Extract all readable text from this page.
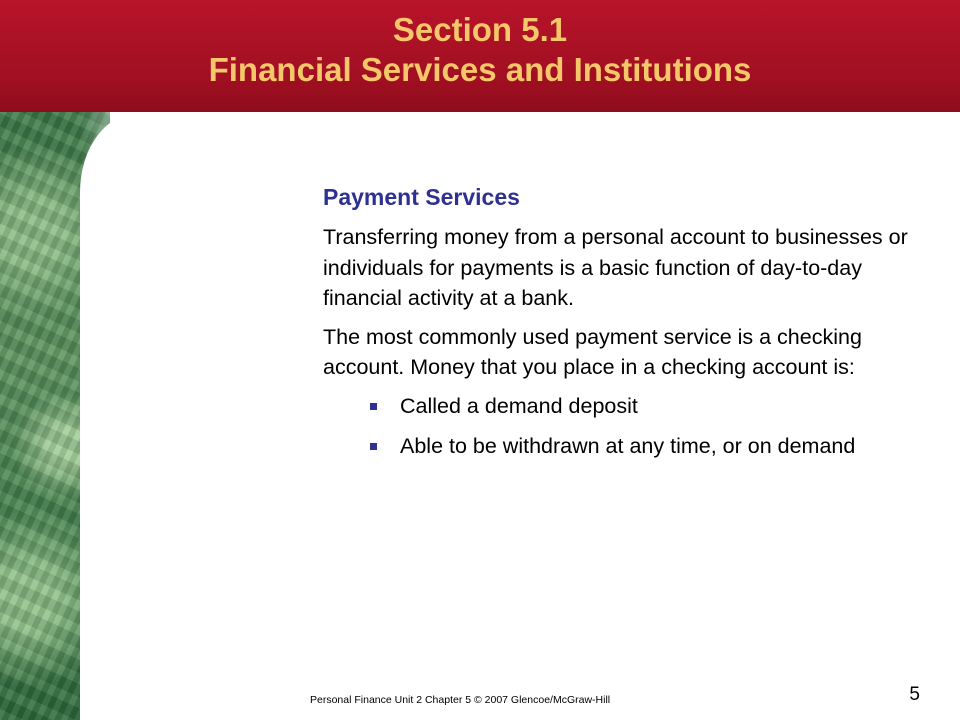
Section 5.1
Financial Services and Institutions
Payment Services
Transferring money from a personal account to businesses or individuals for payments is a basic function of day-to-day financial activity at a bank.
The most commonly used payment service is a checking account. Money that you place in a checking account is:
Called a demand deposit
Able to be withdrawn at any time, or on demand
Personal Finance Unit 2 Chapter 5 © 2007 Glencoe/McGraw-Hill	5
